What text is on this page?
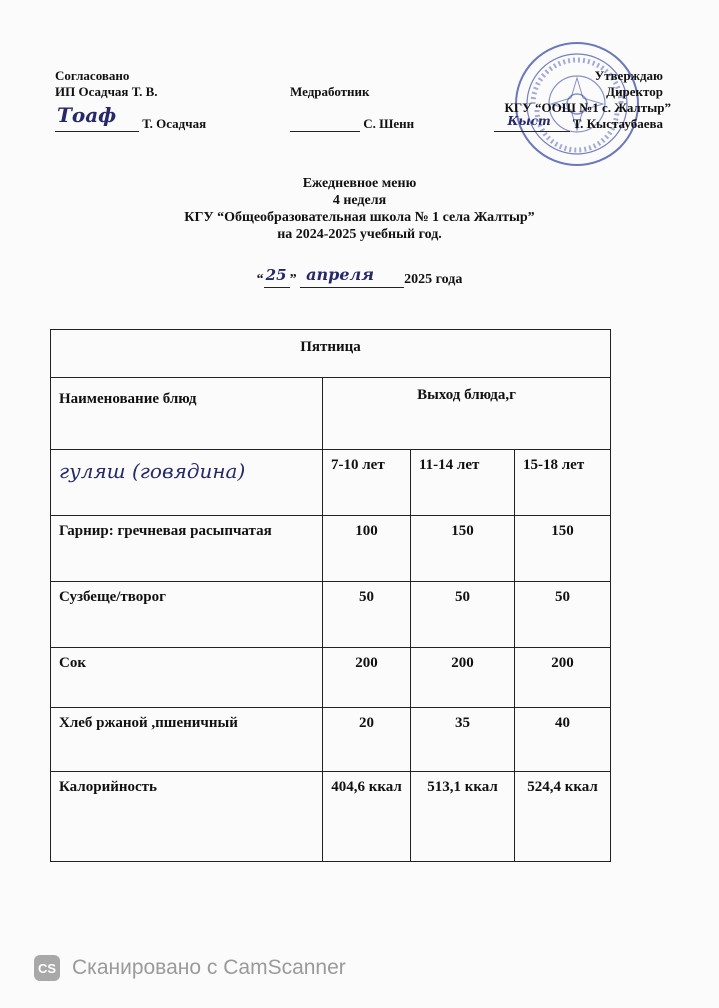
Согласовано
ИП Осадчая Т. В.
Тоаф Т. Осадчая
Медработник
С. Шенн
Утверждаю
Директор
КГУ “ООШ №1 с. Жалтыр”
Кыст Т. Кыстаубаева
Ежедневное меню
4 неделя
КГУ “Общеобразовательная школа № 1 села Жалтыр”
на 2024-2025 учебный год.
“ 25 ” апреля 2025 года
Пятница			
Наименование блюд	Выход блюда,г		
гуляш (говядина)	7-10 лет	11-14 лет	15-18 лет
Гарнир: гречневая расыпчатая	100	150	150
Сузбеще/творог	50	50	50
Сок	200	200	200
Хлеб ржаной ,пшеничный	20	35	40
Калорийность	404,6 ккал	513,1 ккал	524,4 ккал
CS Сканировано с CamScanner
